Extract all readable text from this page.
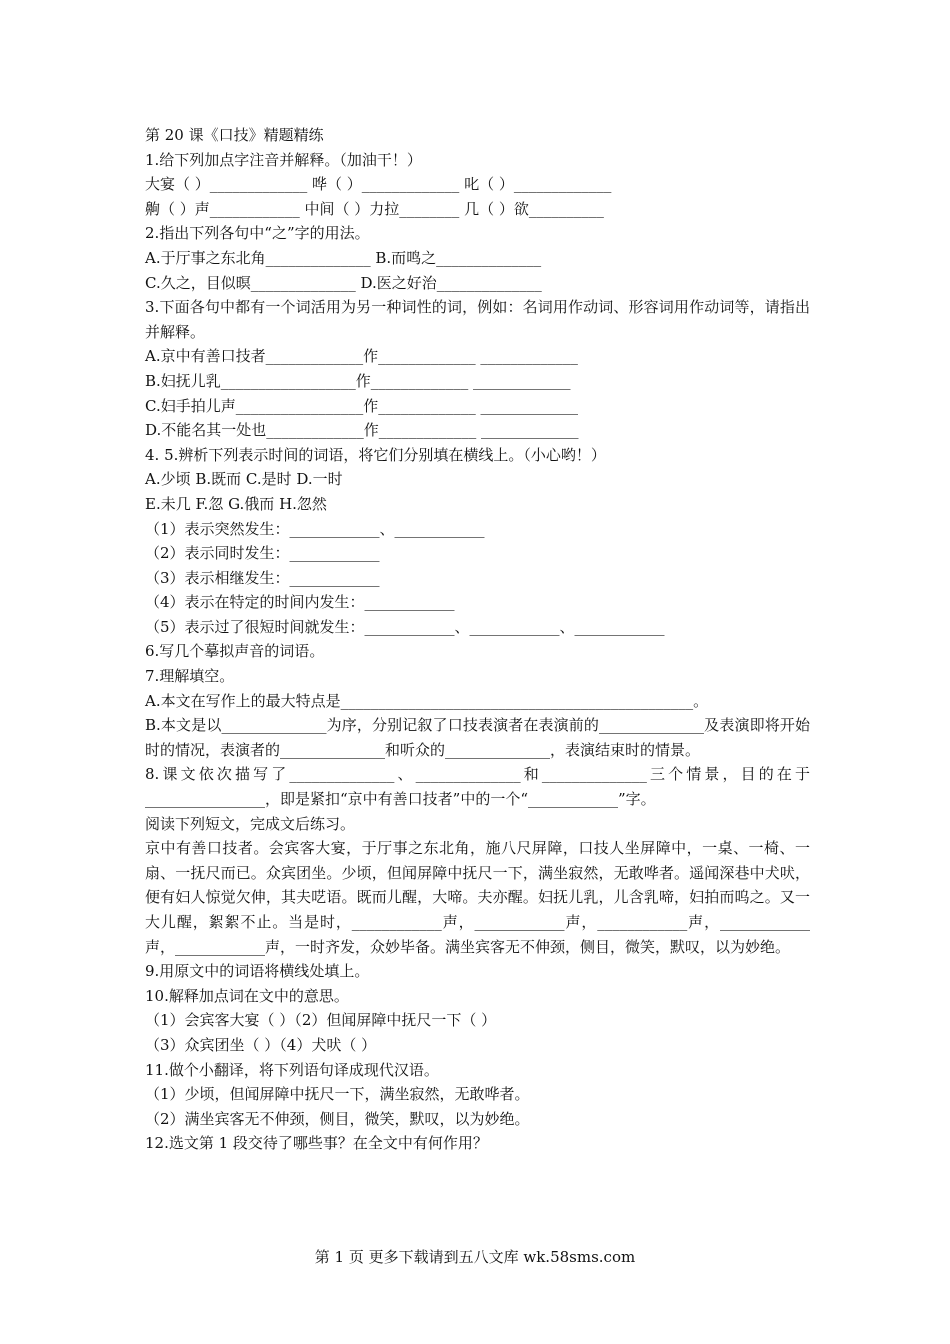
第 20 课《口技》精题精练
1.给下列加点字注音并解释。（加油干！）
大宴（ ）_____________ 哗（ ）_____________ 叱（ ）_____________
齁（ ）声____________ 中间（ ）力拉________ 几（ ）欲__________
2.指出下列各句中“之”字的用法。
A.于厅事之东北角______________ B.而鸣之______________
C.久之，目似暝______________ D.医之好治______________
3.下面各句中都有一个词活用为另一种词性的词，例如：名词用作动词、形容词用作动词等，请指出并解释。
A.京中有善口技者_____________作_____________ _____________
B.妇抚儿乳__________________作_____________ _____________
C.妇手拍儿声_________________作_____________ _____________
D.不能名其一处也_____________作_____________ _____________
4. 5.辨析下列表示时间的词语，将它们分别填在横线上。（小心哟！）
A.少顷 B.既而 C.是时 D.一时
E.未几 F.忽 G.俄而 H.忽然
（1）表示突然发生：____________、____________
（2）表示同时发生：____________
（3）表示相继发生：____________
（4）表示在特定的时间内发生：____________
（5）表示过了很短时间就发生：____________、____________、____________
6.写几个摹拟声音的词语。
7.理解填空。
A.本文在写作上的最大特点是_______________________________________________。
B.本文是以______________为序，分别记叙了口技表演者在表演前的______________及表演即将开始时的情况，表演者的______________和听众的______________，表演结束时的情景。
8.课文依次描写了______________、______________和______________三个情景，目的在于________________，即是紧扣“京中有善口技者”中的一个“____________”字。
阅读下列短文，完成文后练习。
京中有善口技者。会宾客大宴，于厅事之东北角，施八尺屏障，口技人坐屏障中，一桌、一椅、一扇、一抚尺而已。众宾团坐。少顷，但闻屏障中抚尺一下，满坐寂然，无敢哗者。遥闻深巷中犬吠，便有妇人惊觉欠伸，其夫呓语。既而儿醒，大啼。夫亦醒。妇抚儿乳，儿含乳啼，妇拍而呜之。又一大儿醒，絮絮不止。当是时，____________声，____________声，____________声，____________声，____________声，一时齐发，众妙毕备。满坐宾客无不伸颈，侧目，微笑，默叹，以为妙绝。
9.用原文中的词语将横线处填上。
10.解释加点词在文中的意思。
（1）会宾客大宴（ ）（2）但闻屏障中抚尺一下（ ）
（3）众宾团坐（ ）（4）犬吠（ ）
11.做个小翻译，将下列语句译成现代汉语。
（1）少顷，但闻屏障中抚尺一下，满坐寂然，无敢哗者。
（2）满坐宾客无不伸颈，侧目，微笑，默叹，以为妙绝。
12.选文第 1 段交待了哪些事？在全文中有何作用？
第 1 页 更多下载请到五八文库 wk.58sms.com
